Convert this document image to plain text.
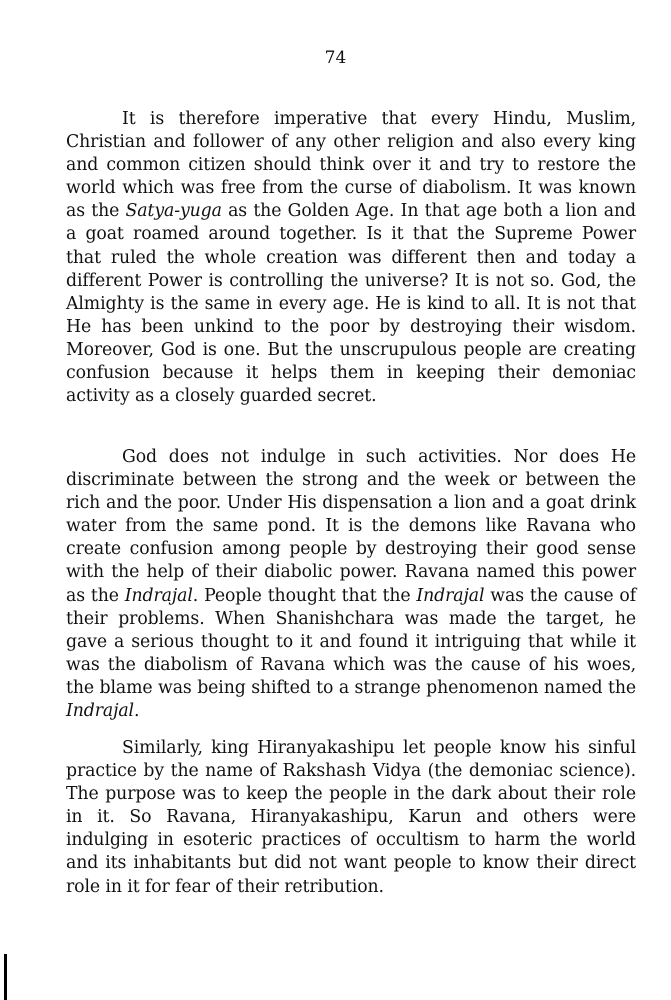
74

It is therefore imperative that every Hindu, Muslim, Christian and follower of any other religion and also every king and common citizen should think over it and try to restore the world which was free from the curse of diabolism. It was known as the Satya-yuga as the Golden Age. In that age both a lion and a goat roamed around together. Is it that the Supreme Power that ruled the whole creation was different then and today a different Power is controlling the universe? It is not so. God, the Almighty is the same in every age. He is kind to all. It is not that He has been unkind to the poor by destroying their wisdom. Moreover, God is one. But the unscrupulous people are creating confusion because it helps them in keeping their demoniac activity as a closely guarded secret.

God does not indulge in such activities. Nor does He discriminate between the strong and the week or between the rich and the poor. Under His dispensation a lion and a goat drink water from the same pond. It is the demons like Ravana who create confusion among people by destroying their good sense with the help of their diabolic power. Ravana named this power as the Indrajal. People thought that the Indrajal was the cause of their problems. When Shanishchara was made the target, he gave a serious thought to it and found it intriguing that while it was the diabolism of Ravana which was the cause of his woes, the blame was being shifted to a strange phenomenon named the Indrajal.

Similarly, king Hiranyakashipu let people know his sinful practice by the name of Rakshash Vidya (the demoniac science). The purpose was to keep the people in the dark about their role in it. So Ravana, Hiranyakashipu, Karun and others were indulging in esoteric practices of occultism to harm the world and its inhabitants but did not want people to know their direct role in it for fear of their retribution.
